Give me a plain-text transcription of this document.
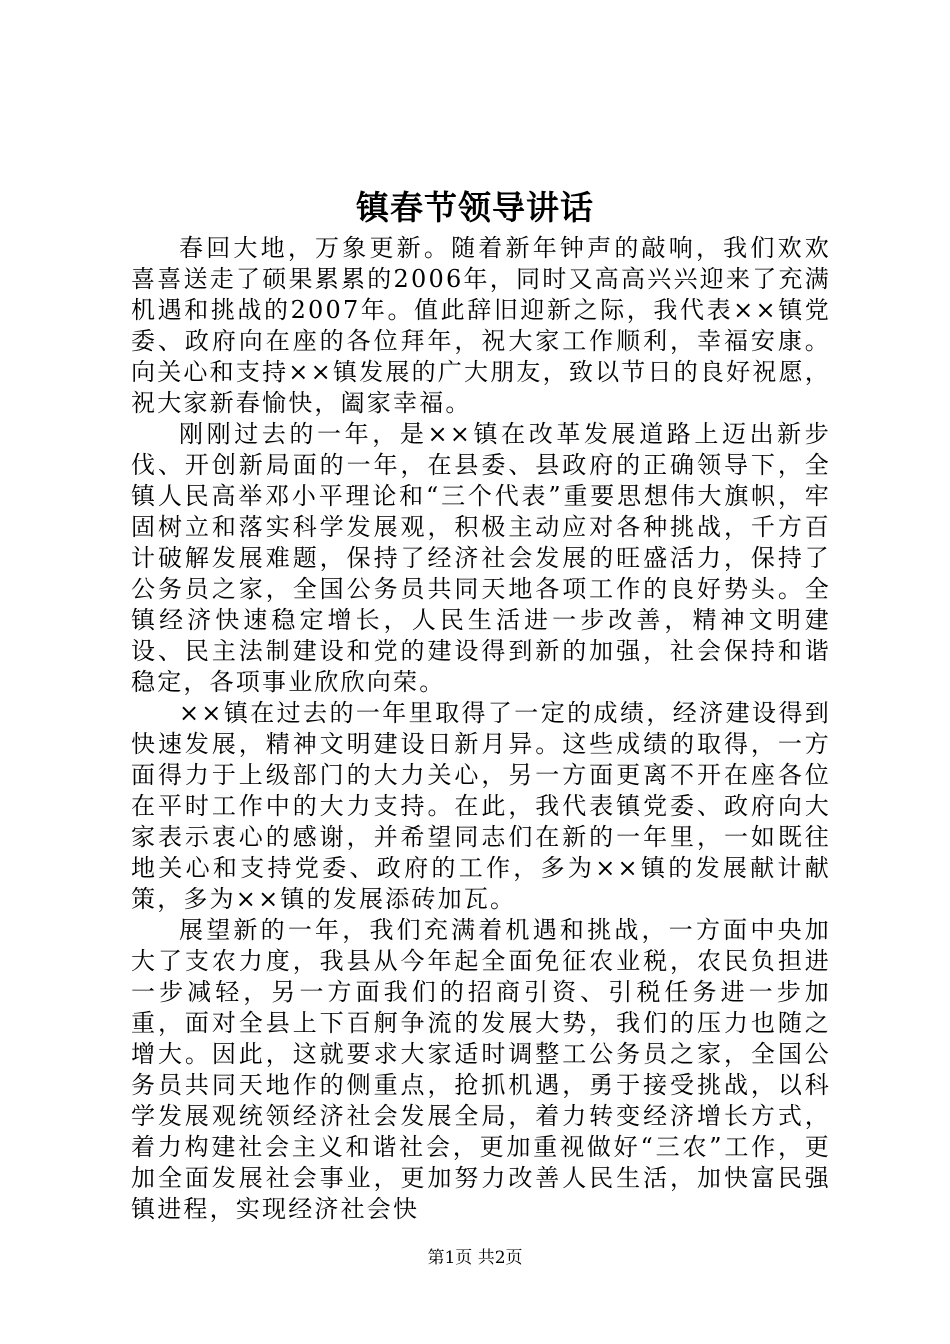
镇春节领导讲话

春回大地，万象更新。随着新年钟声的敲响，我们欢欢喜喜送走了硕果累累的2006年，同时又高高兴兴迎来了充满机遇和挑战的2007年。值此辞旧迎新之际，我代表××镇党委、政府向在座的各位拜年，祝大家工作顺利，幸福安康。向关心和支持××镇发展的广大朋友，致以节日的良好祝愿，祝大家新春愉快，阖家幸福。

刚刚过去的一年，是××镇在改革发展道路上迈出新步伐、开创新局面的一年，在县委、县政府的正确领导下，全镇人民高举邓小平理论和“三个代表”重要思想伟大旗帜，牢固树立和落实科学发展观，积极主动应对各种挑战，千方百计破解发展难题，保持了经济社会发展的旺盛活力，保持了公务员之家，全国公务员共同天地各项工作的良好势头。全镇经济快速稳定增长，人民生活进一步改善，精神文明建设、民主法制建设和党的建设得到新的加强，社会保持和谐稳定，各项事业欣欣向荣。

××镇在过去的一年里取得了一定的成绩，经济建设得到快速发展，精神文明建设日新月异。这些成绩的取得，一方面得力于上级部门的大力关心，另一方面更离不开在座各位在平时工作中的大力支持。在此，我代表镇党委、政府向大家表示衷心的感谢，并希望同志们在新的一年里，一如既往地关心和支持党委、政府的工作，多为××镇的发展献计献策，多为××镇的发展添砖加瓦。

展望新的一年，我们充满着机遇和挑战，一方面中央加大了支农力度，我县从今年起全面免征农业税，农民负担进一步减轻，另一方面我们的招商引资、引税任务进一步加重，面对全县上下百舸争流的发展大势，我们的压力也随之增大。因此，这就要求大家适时调整工公务员之家，全国公务员共同天地作的侧重点，抢抓机遇，勇于接受挑战，以科学发展观统领经济社会发展全局，着力转变经济增长方式，着力构建社会主义和谐社会，更加重视做好“三农”工作，更加全面发展社会事业，更加努力改善人民生活，加快富民强镇进程，实现经济社会快

第1页 共2页
